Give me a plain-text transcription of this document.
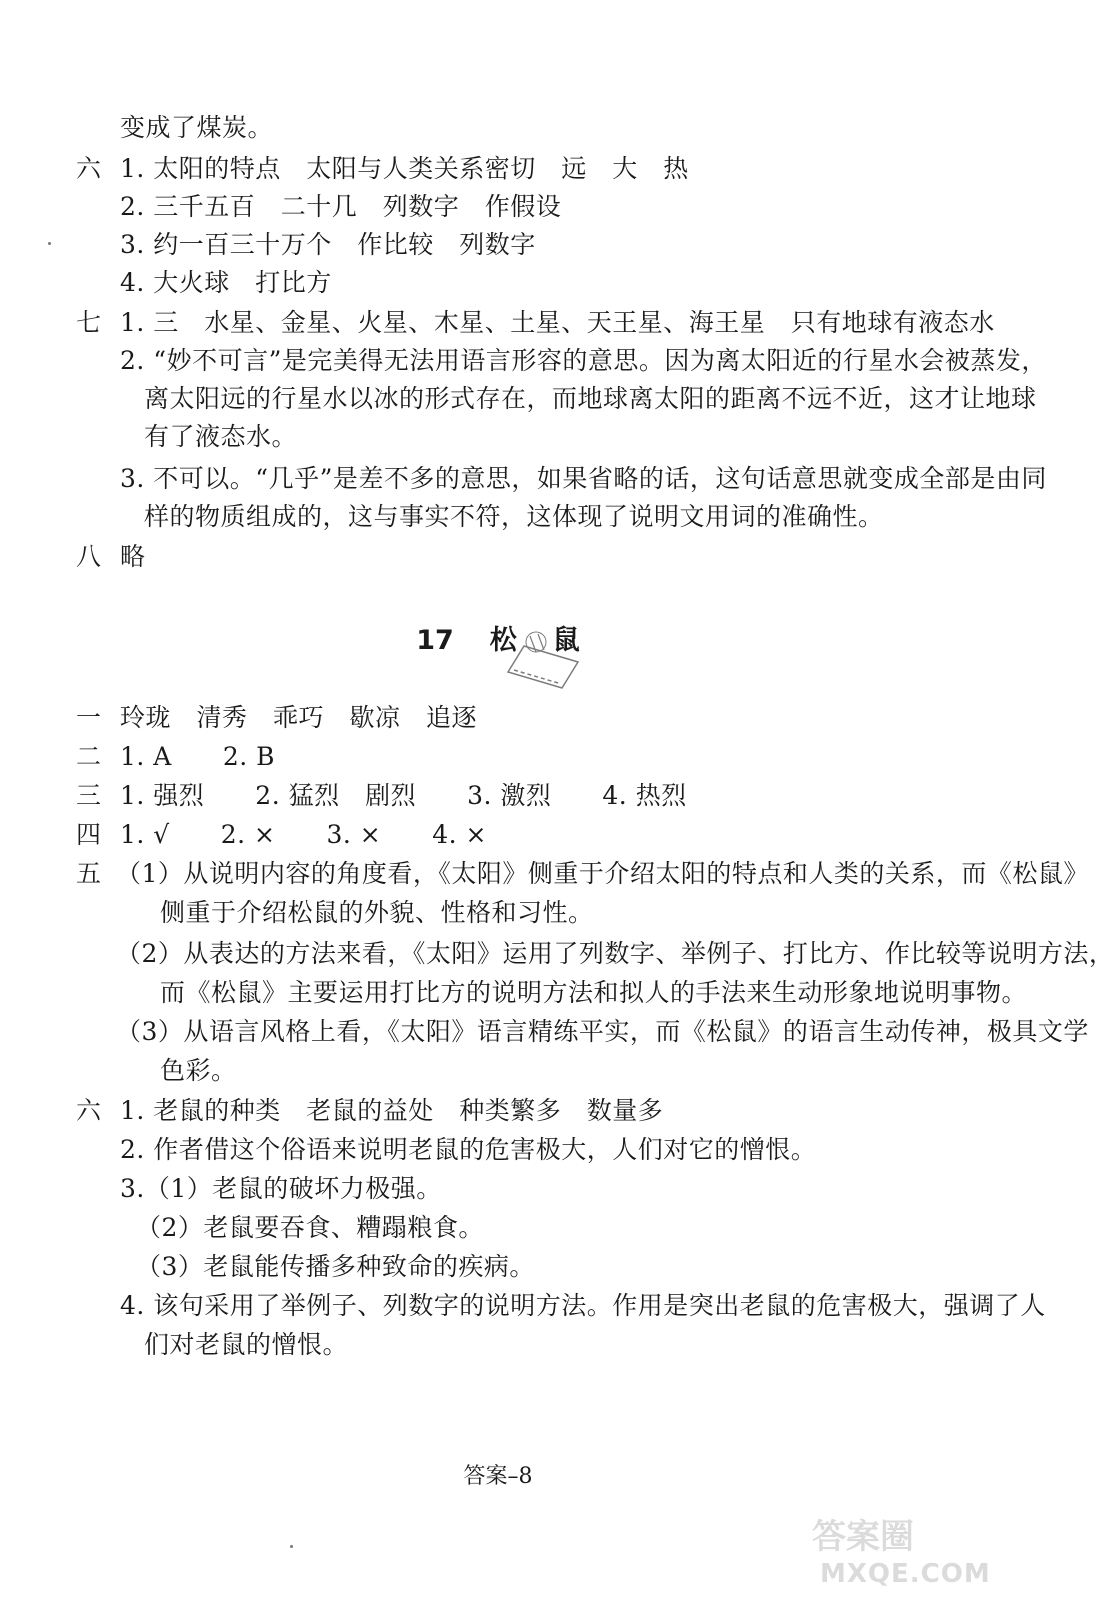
变成了煤炭。
六 1. 太阳的特点　太阳与人类关系密切　远　大　热
2. 三千五百　二十几　列数字　作假设
3. 约一百三十万个　作比较　列数字
4. 大火球　打比方
七 1. 三　水星、金星、火星、木星、土星、天王星、海王星　只有地球有液态水
2. “妙不可言”是完美得无法用语言形容的意思。因为离太阳近的行星水会被蒸发，
离太阳远的行星水以冰的形式存在，而地球离太阳的距离不远不近，这才让地球
有了液态水。
3. 不可以。“几乎”是差不多的意思，如果省略的话，这句话意思就变成全部是由同
样的物质组成的，这与事实不符，这体现了说明文用词的准确性。
八 略
17 松 鼠
一 玲珑　清秀　乖巧　歇凉　追逐
二 1. A　　2. B
三 1. 强烈　　2. 猛烈　剧烈　　3. 激烈　　4. 热烈
四 1. √　　2. ×　　3. ×　　4. ×
五 （1）从说明内容的角度看，《太阳》侧重于介绍太阳的特点和人类的关系，而《松鼠》
侧重于介绍松鼠的外貌、性格和习性。
（2）从表达的方法来看，《太阳》运用了列数字、举例子、打比方、作比较等说明方法，
而《松鼠》主要运用打比方的说明方法和拟人的手法来生动形象地说明事物。
（3）从语言风格上看，《太阳》语言精练平实，而《松鼠》的语言生动传神，极具文学
色彩。
六 1. 老鼠的种类　老鼠的益处　种类繁多　数量多
2. 作者借这个俗语来说明老鼠的危害极大，人们对它的憎恨。
3.（1）老鼠的破坏力极强。
（2）老鼠要吞食、糟蹋粮食。
（3）老鼠能传播多种致命的疾病。
4. 该句采用了举例子、列数字的说明方法。作用是突出老鼠的危害极大，强调了人
们对老鼠的憎恨。
答案–8
答案圈
MXQE.COM
